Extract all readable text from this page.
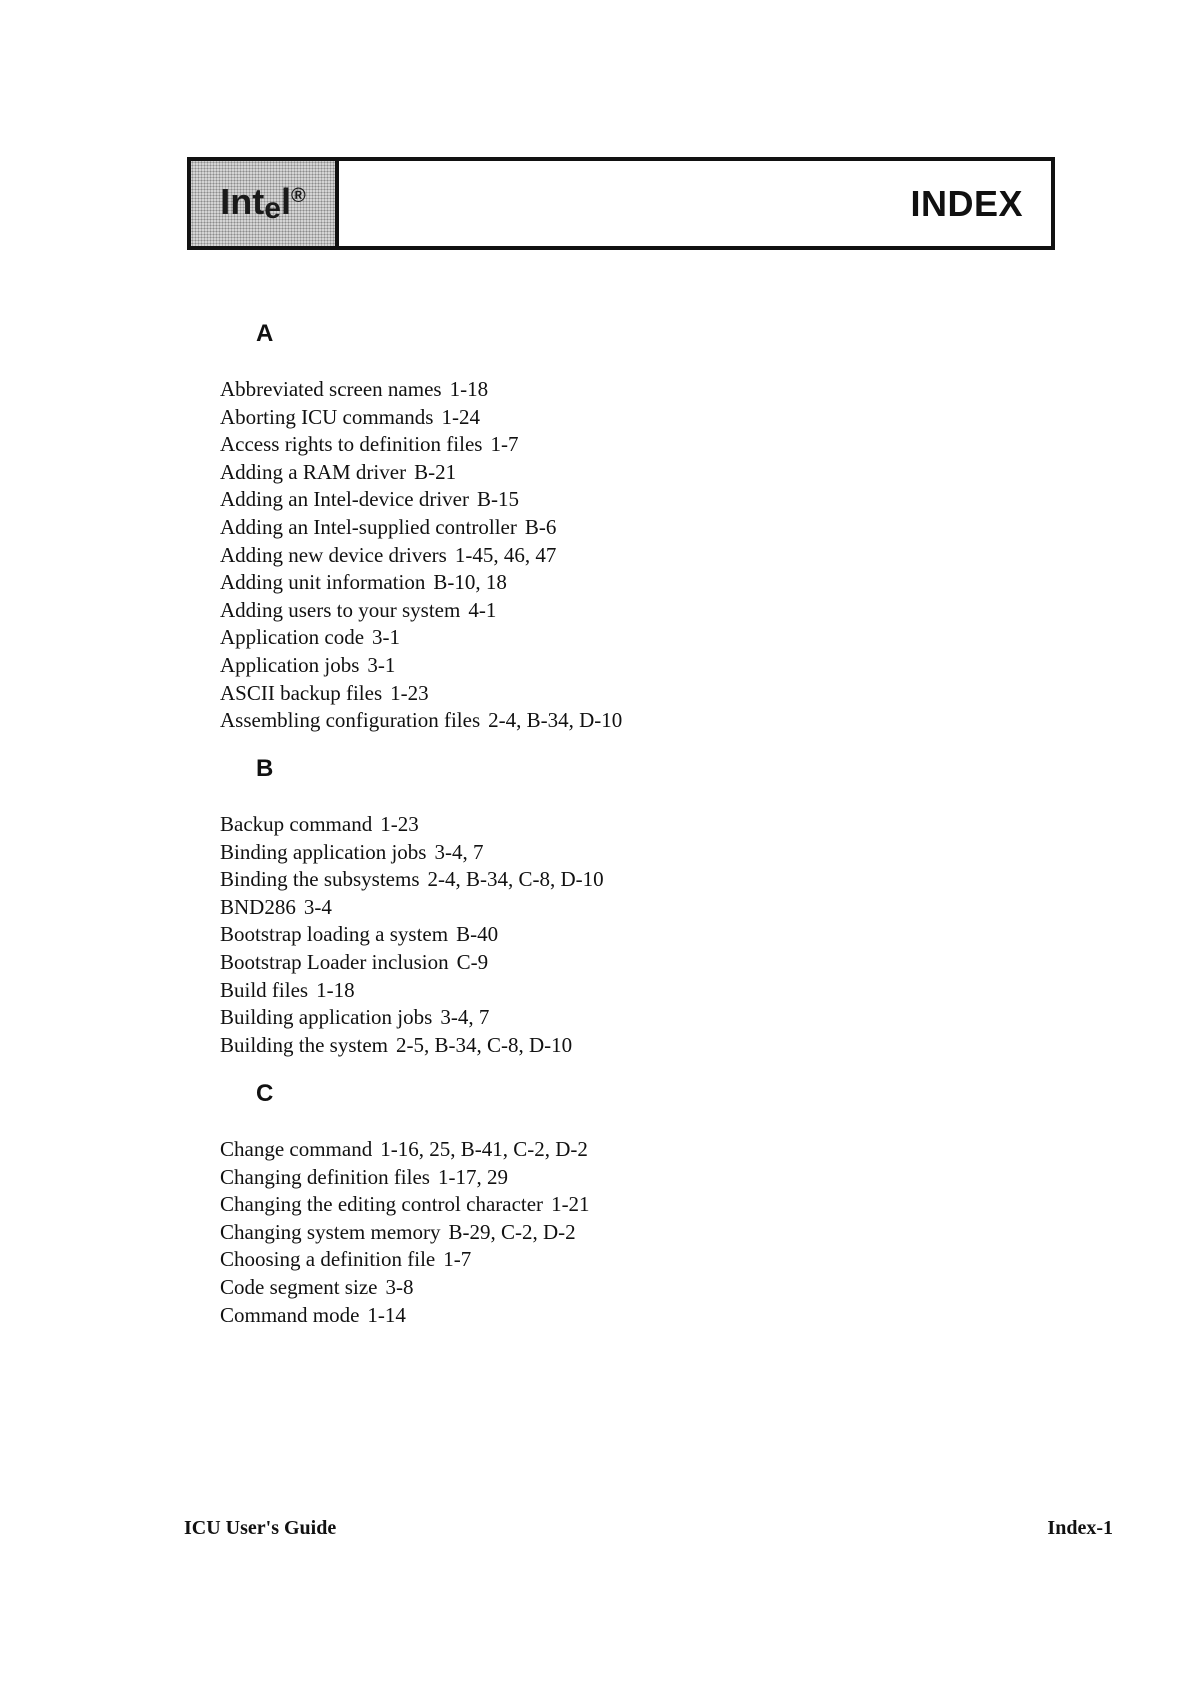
Int$_e$l®	INDEX
A
Abbreviated screen names 1-18
Aborting ICU commands 1-24
Access rights to definition files 1-7
Adding a RAM driver B-21
Adding an Intel-device driver B-15
Adding an Intel-supplied controller B-6
Adding new device drivers 1-45, 46, 47
Adding unit information B-10, 18
Adding users to your system 4-1
Application code 3-1
Application jobs 3-1
ASCII backup files 1-23
Assembling configuration files 2-4, B-34, D-10
B
Backup command 1-23
Binding application jobs 3-4, 7
Binding the subsystems 2-4, B-34, C-8, D-10
BND286 3-4
Bootstrap loading a system B-40
Bootstrap Loader inclusion C-9
Build files 1-18
Building application jobs 3-4, 7
Building the system 2-5, B-34, C-8, D-10
C
Change command 1-16, 25, B-41, C-2, D-2
Changing definition files 1-17, 29
Changing the editing control character 1-21
Changing system memory B-29, C-2, D-2
Choosing a definition file 1-7
Code segment size 3-8
Command mode 1-14
ICU User's Guide	Index-1
